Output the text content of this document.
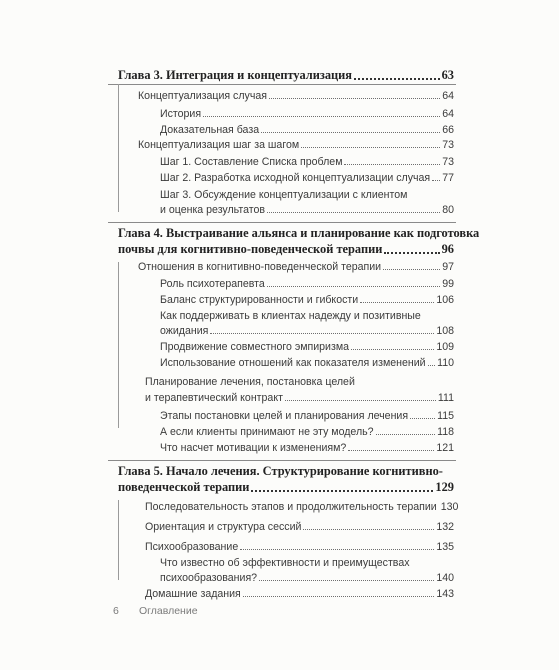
Глава 3. Интеграция и концептуализация	63
Концептуализация случая	64
История	64
Доказательная база	66
Концептуализация шаг за шагом	73
Шаг 1. Составление Списка проблем	73
Шаг 2. Разработка исходной концептуализации случая 77
Шаг 3. Обсуждение концептуализации с клиентом
и оценка результатов	80
Глава 4. Выстраивание альянса и планирование как подготовка
почвы для когнитивно-поведенческой терапии	96
Отношения в когнитивно-поведенческой терапии	97
Роль психотерапевта	99
Баланс структурированности и гибкости	106
Как поддерживать в клиентах надежду и позитивные
ожидания	108
Продвижение совместного эмпиризма	109
Использование отношений как показателя изменений 110
Планирование лечения, постановка целей
и терапевтический контракт	111
Этапы постановки целей и планирования лечения	115
А если клиенты принимают не эту модель?	118
Что насчет мотивации к изменениям?	121
Глава 5. Начало лечения. Структурирование когнитивно-
поведенческой терапии	129
Последовательность этапов и продолжительность терапии 130
Ориентация и структура сессий	132
Психообразование	135
Что известно об эффективности и преимуществах
психообразования?	140
Домашние задания	143
6 Оглавление
